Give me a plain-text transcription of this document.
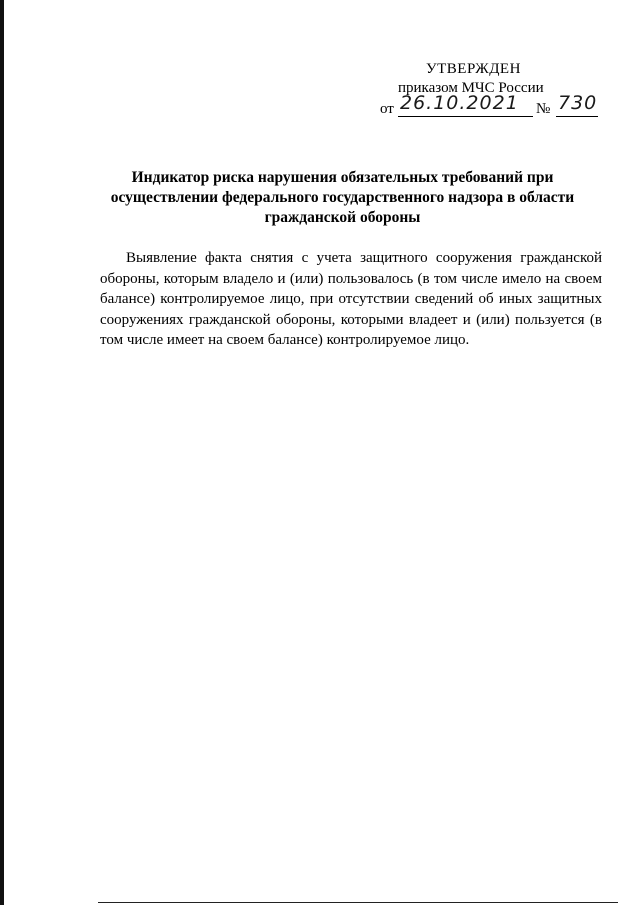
УТВЕРЖДЕН
приказом МЧС России
от 26.10.2021 № 730
Индикатор риска нарушения обязательных требований при осуществлении федерального государственного надзора в области гражданской обороны
Выявление факта снятия с учета защитного сооружения гражданской обороны, которым владело и (или) пользовалось (в том числе имело на своем балансе) контролируемое лицо, при отсутствии сведений об иных защитных сооружениях гражданской обороны, которыми владеет и (или) пользуется (в том числе имеет на своем балансе) контролируемое лицо.
